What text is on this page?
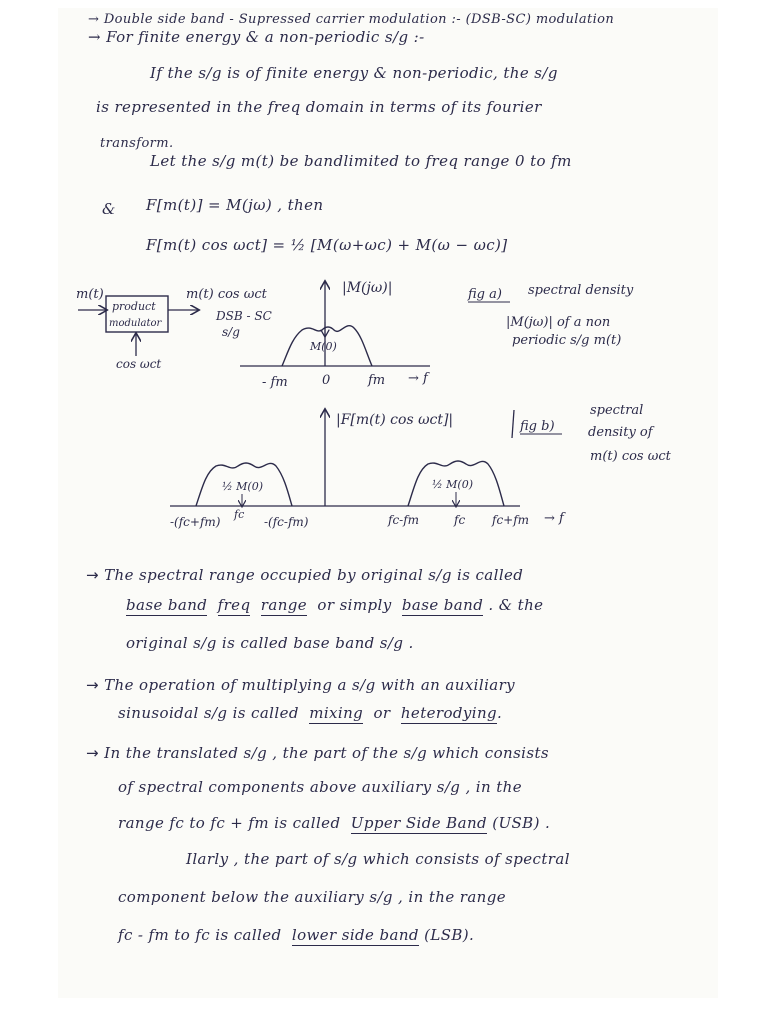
→ Double side band - Supressed carrier modulation :- (DSB-SC) modulation
→ For finite energy & a non-periodic s/g :-
If the s/g is of finite energy & non-periodic, the s/g
is represented in the freq domain in terms of its fourier
transform.
Let the s/g m(t) be bandlimited to freq range 0 to fm
& F[m(t)] = M(jω) , then
F[m(t) cos ωct] = ½ [M(ω+ωc) + M(ω − ωc)]
m(t)
product
modulator
m(t) cos ωct
DSB - SC
s/g
cos ωct
|M(jω)|
M(0)
- fm	0	fm → f
fig a) spectral density
|M(jω)| of a non
periodic s/g m(t)
|F[m(t) cos ωct]|
½ M(0)	½ M(0)
-(fc+fm)
fc
-(fc-fm)	fc-fm	fc fc+fm → f
fig b)
spectral
density of
m(t) cos ωct
→ The spectral range occupied by original s/g is called
base band freq range or simply base band . & the
original s/g is called base band s/g .
→ The operation of multiplying a s/g with an auxiliary
sinusoidal s/g is called mixing or heterodying.
→ In the translated s/g , the part of the s/g which consists
of spectral components above auxiliary s/g , in the
range fc to fc + fm is called Upper Side Band (USB) .
Ilarly , the part of s/g which consists of spectral
component below the auxiliary s/g , in the range
fc - fm to fc is called lower side band (LSB).
